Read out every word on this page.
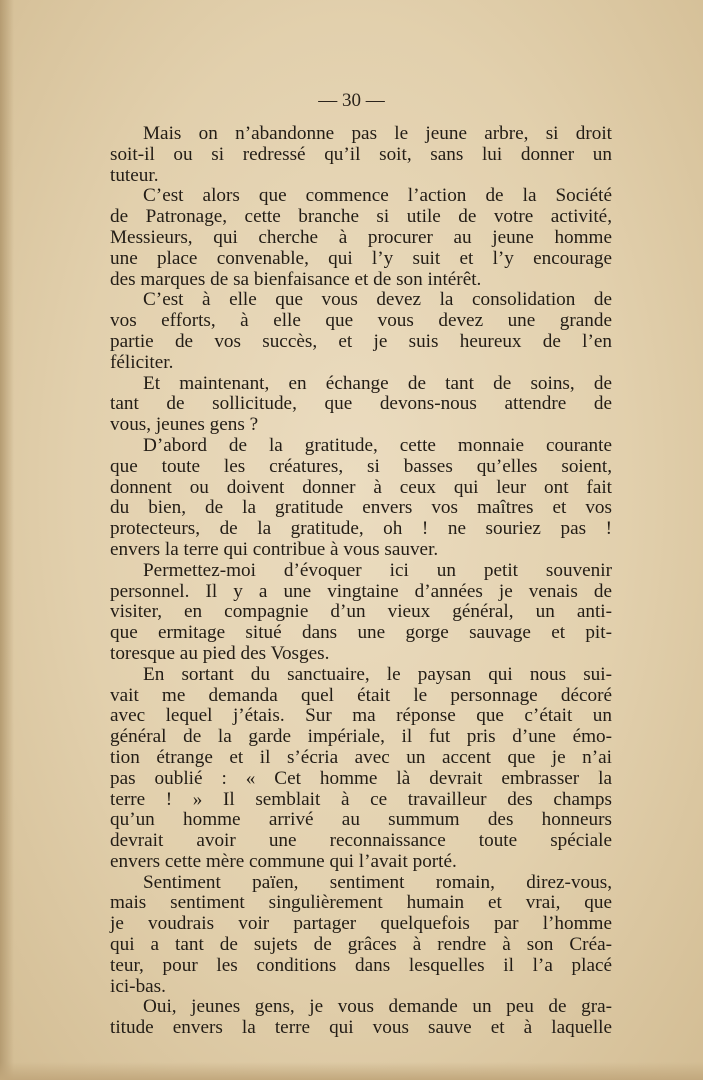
— 30 —
Mais on n’abandonne pas le jeune arbre, si droit
soit-il ou si redressé qu’il soit, sans lui donner un
tuteur.
C’est alors que commence l’action de la Société
de Patronage, cette branche si utile de votre activité,
Messieurs, qui cherche à procurer au jeune homme
une place convenable, qui l’y suit et l’y encourage
des marques de sa bienfaisance et de son intérêt.
C’est à elle que vous devez la consolidation de
vos efforts, à elle que vous devez une grande
partie de vos succès, et je suis heureux de l’en
féliciter.
Et maintenant, en échange de tant de soins, de
tant de sollicitude, que devons-nous attendre de
vous, jeunes gens ?
D’abord de la gratitude, cette monnaie courante
que toute les créatures, si basses qu’elles soient,
donnent ou doivent donner à ceux qui leur ont fait
du bien, de la gratitude envers vos maîtres et vos
protecteurs, de la gratitude, oh ! ne souriez pas !
envers la terre qui contribue à vous sauver.
Permettez-moi d’évoquer ici un petit souvenir
personnel. Il y a une vingtaine d’années je venais de
visiter, en compagnie d’un vieux général, un anti-
que ermitage situé dans une gorge sauvage et pit-
toresque au pied des Vosges.
En sortant du sanctuaire, le paysan qui nous sui-
vait me demanda quel était le personnage décoré
avec lequel j’étais. Sur ma réponse que c’était un
général de la garde impériale, il fut pris d’une émo-
tion étrange et il s’écria avec un accent que je n’ai
pas oublié : « Cet homme là devrait embrasser la
terre ! » Il semblait à ce travailleur des champs
qu’un homme arrivé au summum des honneurs
devrait avoir une reconnaissance toute spéciale
envers cette mère commune qui l’avait porté.
Sentiment païen, sentiment romain, direz-vous,
mais sentiment singulièrement humain et vrai, que
je voudrais voir partager quelquefois par l’homme
qui a tant de sujets de grâces à rendre à son Créa-
teur, pour les conditions dans lesquelles il l’a placé
ici-bas.
Oui, jeunes gens, je vous demande un peu de gra-
titude envers la terre qui vous sauve et à laquelle
